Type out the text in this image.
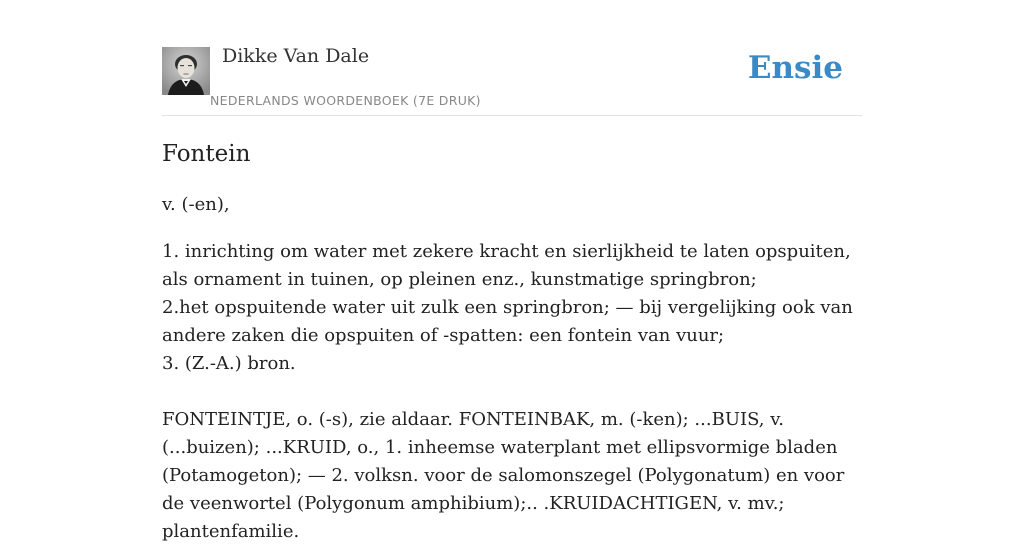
Dikke Van Dale
NEDERLANDS WOORDENBOEK (7E DRUK)
Ensie
Fontein
v. (-en),
1. inrichting om water met zekere kracht en sierlijkheid te laten opspuiten, als ornament in tuinen, op pleinen enz., kunstmatige springbron;
2.het opspuitende water uit zulk een springbron; — bij vergelijking ook van andere zaken die opspuiten of -spatten: een fontein van vuur;
3. (Z.-A.) bron.
FONTEINTJE, o. (-s), zie aldaar. FONTEINBAK, m. (-ken); ...BUIS, v. (...buizen); ...KRUID, o., 1. inheemse waterplant met ellipsvormige bladen (Potamogeton); — 2. volksn. voor de salomonszegel (Polygonatum) en voor de veenwortel (Polygonum amphibium);.. .KRUIDACHTIGEN, v. mv.; plantenfamilie.
